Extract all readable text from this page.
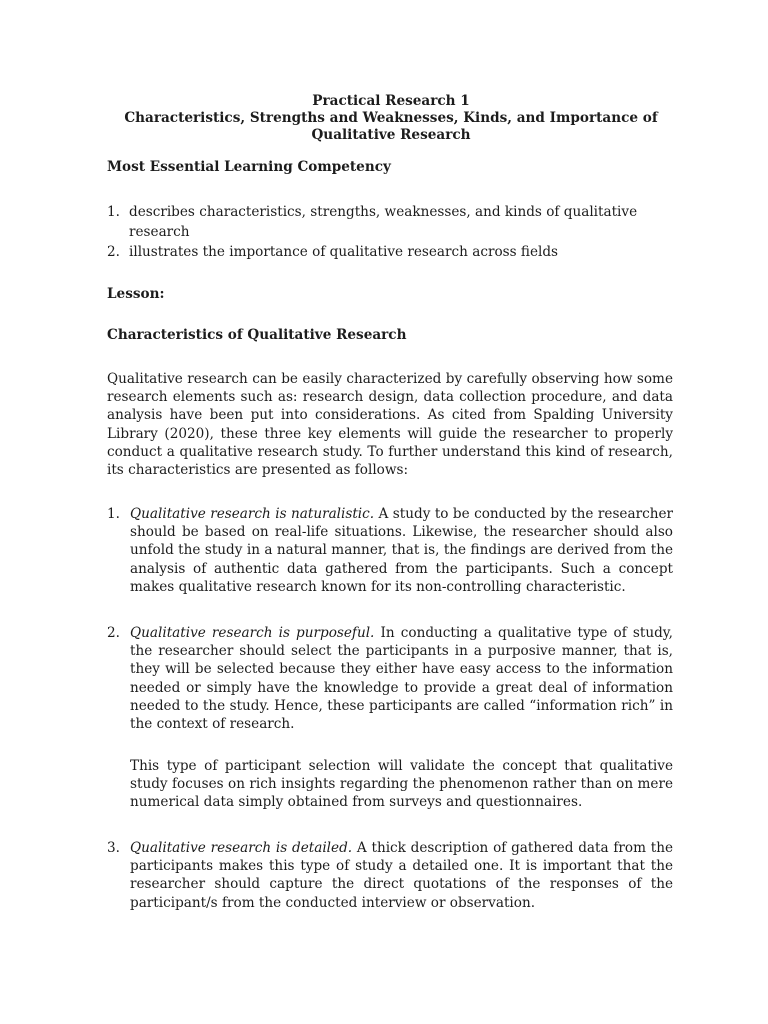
Practical Research 1
Characteristics, Strengths and Weaknesses, Kinds, and Importance of
Qualitative Research
Most Essential Learning Competency
1. describes characteristics, strengths, weaknesses, and kinds of qualitative research
2. illustrates the importance of qualitative research across fields
Lesson:
Characteristics of Qualitative Research
Qualitative research can be easily characterized by carefully observing how some research elements such as: research design, data collection procedure, and data analysis have been put into considerations. As cited from Spalding University Library (2020), these three key elements will guide the researcher to properly conduct a qualitative research study. To further understand this kind of research, its characteristics are presented as follows:
1. Qualitative research is naturalistic. A study to be conducted by the researcher should be based on real-life situations. Likewise, the researcher should also unfold the study in a natural manner, that is, the findings are derived from the analysis of authentic data gathered from the participants. Such a concept makes qualitative research known for its non-controlling characteristic.
2. Qualitative research is purposeful. In conducting a qualitative type of study, the researcher should select the participants in a purposive manner, that is, they will be selected because they either have easy access to the information needed or simply have the knowledge to provide a great deal of information needed to the study. Hence, these participants are called “information rich” in the context of research.
This type of participant selection will validate the concept that qualitative study focuses on rich insights regarding the phenomenon rather than on mere numerical data simply obtained from surveys and questionnaires.
3. Qualitative research is detailed. A thick description of gathered data from the participants makes this type of study a detailed one. It is important that the researcher should capture the direct quotations of the responses of the participant/s from the conducted interview or observation.
